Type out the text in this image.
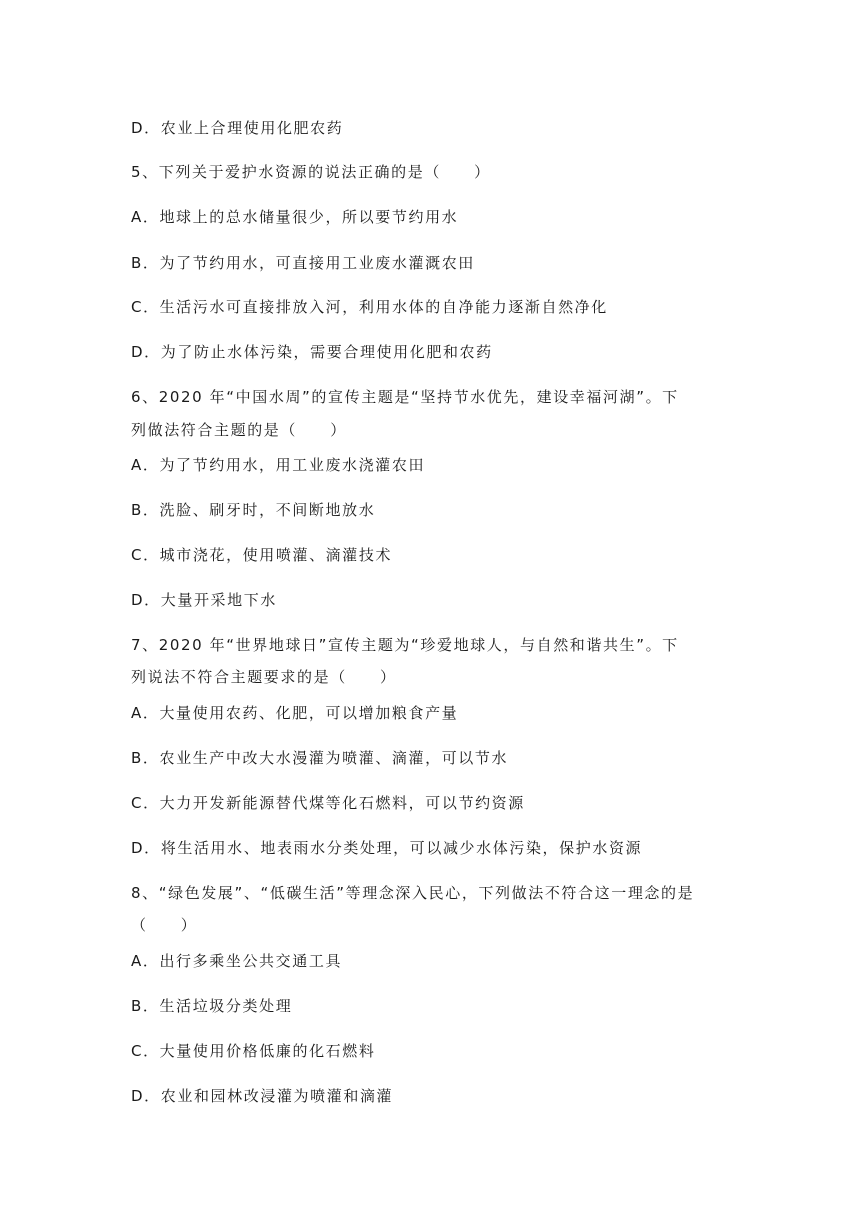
D．农业上合理使用化肥农药
5、下列关于爱护水资源的说法正确的是（　　）
A．地球上的总水储量很少，所以要节约用水
B．为了节约用水，可直接用工业废水灌溉农田
C．生活污水可直接排放入河，利用水体的自净能力逐渐自然净化
D．为了防止水体污染，需要合理使用化肥和农药
6、2020 年“中国水周”的宣传主题是“坚持节水优先，建设幸福河湖”。下
列做法符合主题的是（　　）
A．为了节约用水，用工业废水浇灌农田
B．洗脸、刷牙时，不间断地放水
C．城市浇花，使用喷灌、滴灌技术
D．大量开采地下水
7、2020 年“世界地球日”宣传主题为“珍爱地球人，与自然和谐共生”。下
列说法不符合主题要求的是（　　）
A．大量使用农药、化肥，可以增加粮食产量
B．农业生产中改大水漫灌为喷灌、滴灌，可以节水
C．大力开发新能源替代煤等化石燃料，可以节约资源
D．将生活用水、地表雨水分类处理，可以减少水体污染，保护水资源
8、“绿色发展”、“低碳生活”等理念深入民心，下列做法不符合这一理念的是
（　　）
A．出行多乘坐公共交通工具
B．生活垃圾分类处理
C．大量使用价格低廉的化石燃料
D．农业和园林改浸灌为喷灌和滴灌
